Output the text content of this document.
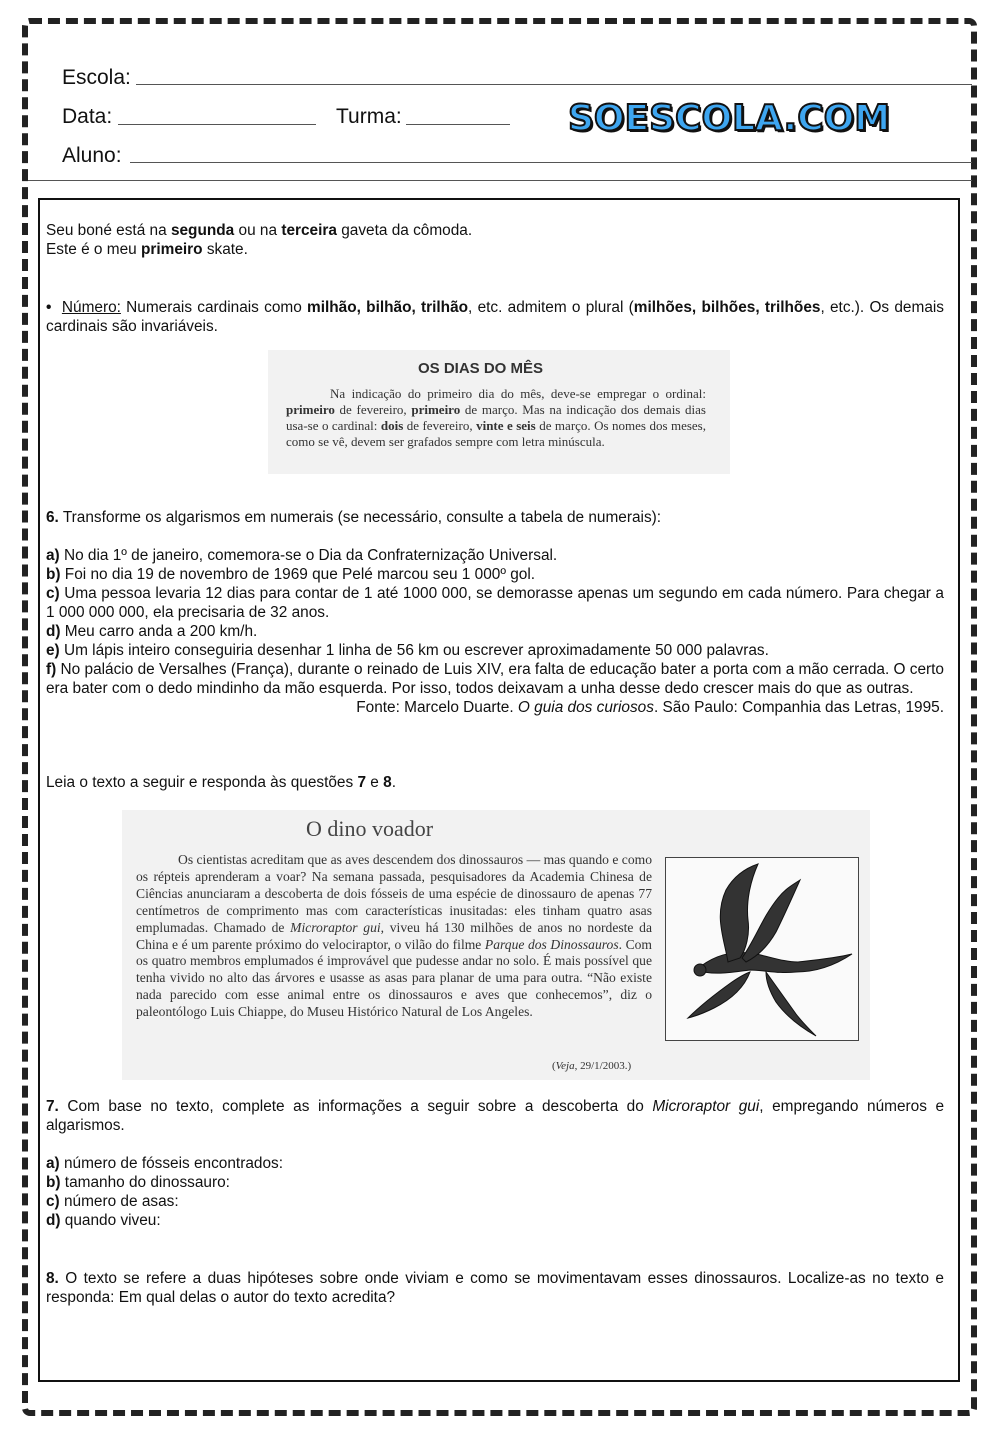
Escola:
Data:	Turma:	SOESCOLA.COM
Aluno:
Seu boné está na segunda ou na terceira gaveta da cômoda.
Este é o meu primeiro skate.
• Número: Numerais cardinais como milhão, bilhão, trilhão, etc. admitem o plural (milhões, bilhões, trilhões, etc.). Os demais cardinais são invariáveis.
OS DIAS DO MÊS

Na indicação do primeiro dia do mês, deve-se empregar o ordinal: primeiro de fevereiro, primeiro de março. Mas na indicação dos demais dias usa-se o cardinal: dois de fevereiro, vinte e seis de março. Os nomes dos meses, como se vê, devem ser grafados sempre com letra minúscula.

6. Transforme os algarismos em numerais (se necessário, consulte a tabela de numerais):
a) No dia 1º de janeiro, comemora-se o Dia da Confraternização Universal.
b) Foi no dia 19 de novembro de 1969 que Pelé marcou seu 1 000º gol.
c) Uma pessoa levaria 12 dias para contar de 1 até 1000 000, se demorasse apenas um segundo em cada número. Para chegar a 1 000 000 000, ela precisaria de 32 anos.
d) Meu carro anda a 200 km/h.
e) Um lápis inteiro conseguiria desenhar 1 linha de 56 km ou escrever aproximadamente 50 000 palavras.
f) No palácio de Versalhes (França), durante o reinado de Luis XIV, era falta de educação bater a porta com a mão cerrada. O certo era bater com o dedo mindinho da mão esquerda. Por isso, todos deixavam a unha desse dedo crescer mais do que as outras.
Fonte: Marcelo Duarte. O guia dos curiosos. São Paulo: Companhia das Letras, 1995.
Leia o texto a seguir e responda às questões 7 e 8.
O dino voador

Os cientistas acreditam que as aves descendem dos dinossauros — mas quando e como os répteis aprenderam a voar? Na semana passada, pesquisadores da Academia Chinesa de Ciências anunciaram a descoberta de dois fósseis de uma espécie de dinossauro de apenas 77 centímetros de comprimento mas com características inusitadas: eles tinham quatro asas emplumadas. Chamado de Microraptor gui, viveu há 130 milhões de anos no nordeste da China e é um parente próximo do velociraptor, o vilão do filme Parque dos Dinossauros. Com os quatro membros emplumados é improvável que pudesse andar no solo. É mais possível que tenha vivido no alto das árvores e usasse as asas para planar de uma para outra. “Não existe nada parecido com esse animal entre os dinossauros e aves que conhecemos”, diz o paleontólogo Luis Chiappe, do Museu Histórico Natural de Los Angeles.

(Veja, 29/1/2003.)
7. Com base no texto, complete as informações a seguir sobre a descoberta do Microraptor gui, empregando números e algarismos.
a) número de fósseis encontrados:
b) tamanho do dinossauro:
c) número de asas:
d) quando viveu:
8. O texto se refere a duas hipóteses sobre onde viviam e como se movimentavam esses dinossauros. Localize-as no texto e responda: Em qual delas o autor do texto acredita?
